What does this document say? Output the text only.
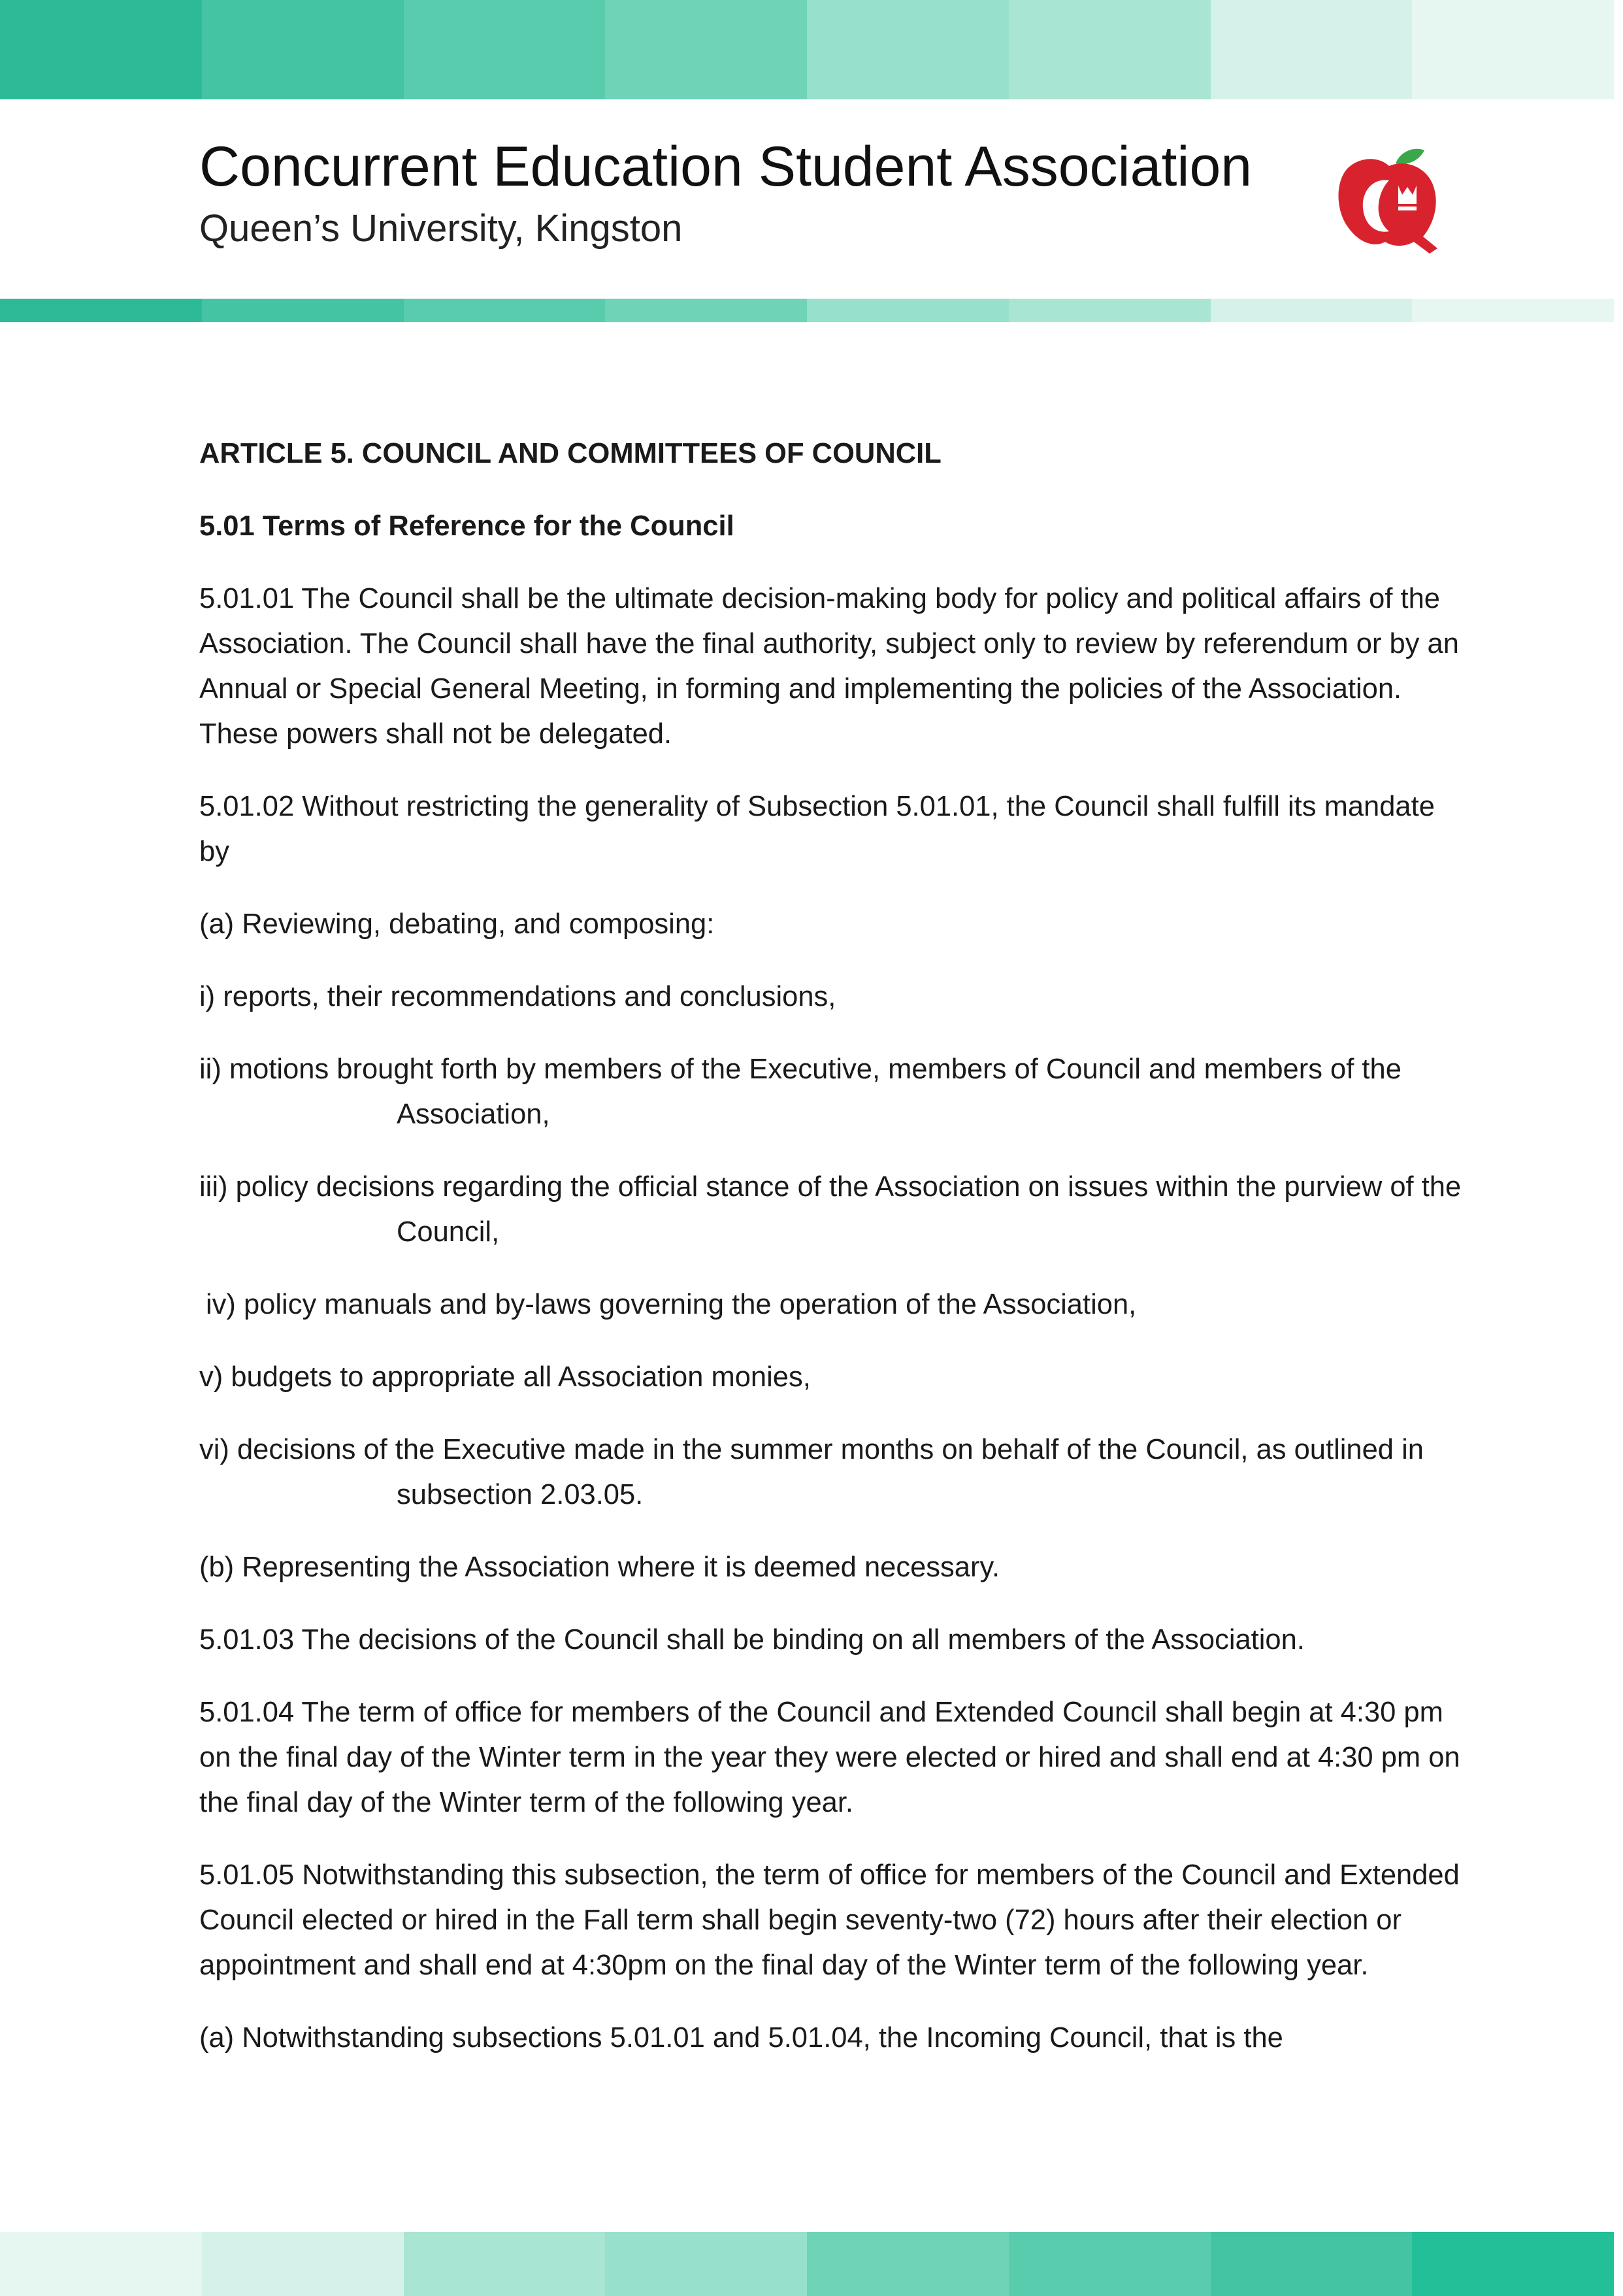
Concurrent Education Student Association
Queen’s University, Kingston

ARTICLE 5. COUNCIL AND COMMITTEES OF COUNCIL

5.01 Terms of Reference for the Council

5.01.01 The Council shall be the ultimate decision-making body for policy and political affairs of the Association. The Council shall have the final authority, subject only to review by referendum or by an Annual or Special General Meeting, in forming and implementing the policies of the Association. These powers shall not be delegated.

5.01.02 Without restricting the generality of Subsection 5.01.01, the Council shall fulfill its mandate by

(a) Reviewing, debating, and composing:

i) reports, their recommendations and conclusions,

ii) motions brought forth by members of the Executive, members of Council and members of the Association,

iii) policy decisions regarding the official stance of the Association on issues within the purview of the Council,

iv) policy manuals and by-laws governing the operation of the Association,

v) budgets to appropriate all Association monies,

vi) decisions of the Executive made in the summer months on behalf of the Council, as outlined in subsection 2.03.05.

(b) Representing the Association where it is deemed necessary.

5.01.03 The decisions of the Council shall be binding on all members of the Association.

5.01.04 The term of office for members of the Council and Extended Council shall begin at 4:30 pm on the final day of the Winter term in the year they were elected or hired and shall end at 4:30 pm on the final day of the Winter term of the following year.

5.01.05 Notwithstanding this subsection, the term of office for members of the Council and Extended Council elected or hired in the Fall term shall begin seventy-two (72) hours after their election or appointment and shall end at 4:30pm on the final day of the Winter term of the following year.

(a) Notwithstanding subsections 5.01.01 and 5.01.04, the Incoming Council, that is the
